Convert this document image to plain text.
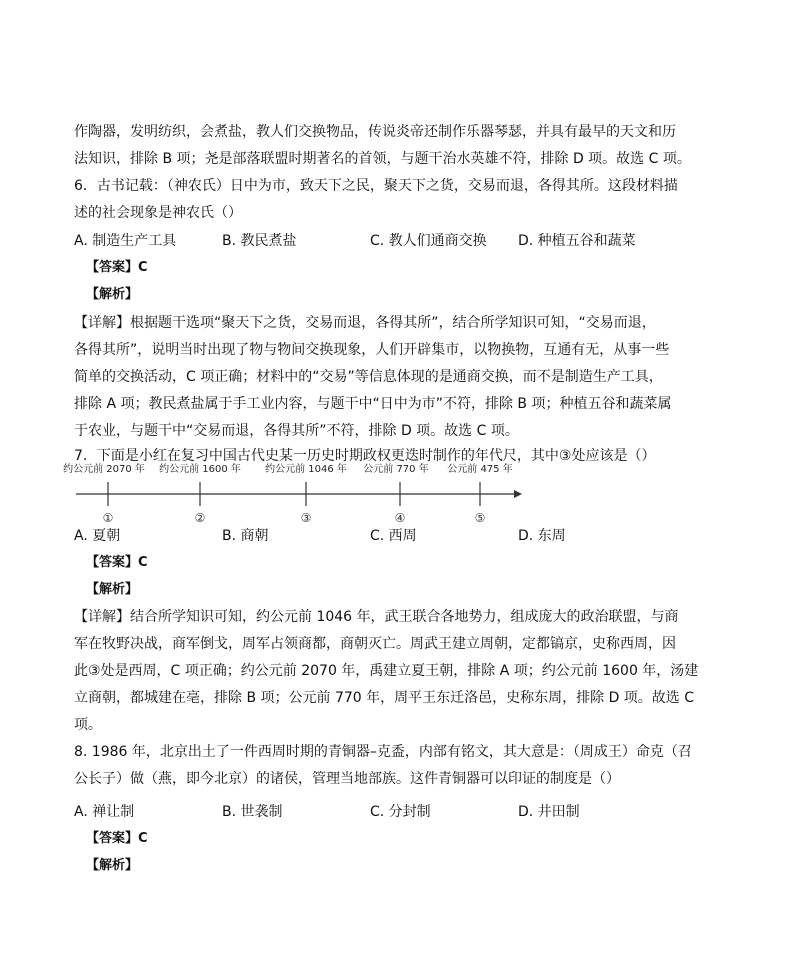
作陶器，发明纺织，会煮盐，教人们交换物品，传说炎帝还制作乐器琴瑟，并具有最早的天文和历
法知识，排除 B 项；尧是部落联盟时期著名的首领，与题干治水英雄不符，排除 D 项。故选 C 项。
6．古书记载：（神农氏）日中为市，致天下之民，聚天下之货，交易而退，各得其所。这段材料描
述的社会现象是神农氏（）
A. 制造生产工具	B. 教民煮盐	C. 教人们通商交换 D. 种植五谷和蔬菜
【答案】C
【解析】
【详解】根据题干选项“聚天下之货，交易而退，各得其所”，结合所学知识可知，“交易而退，
各得其所”，说明当时出现了物与物间交换现象，人们开辟集市，以物换物，互通有无，从事一些
简单的交换活动，C 项正确；材料中的“交易”等信息体现的是通商交换，而不是制造生产工具，
排除 A 项；教民煮盐属于手工业内容，与题干中“日中为市”不符，排除 B 项；种植五谷和蔬菜属
于农业，与题干中“交易而退，各得其所”不符，排除 D 项。故选 C 项。
7．下面是小红在复习中国古代史某一历史时期政权更迭时制作的年代尺，其中③处应该是（）
约公元前 2070 年
①
约公元前 1600 年
②
约公元前 1046 年
③
公元前 770 年
④
公元前 475 年
⑤
A. 夏朝	B. 商朝	C. 西周	D. 东周
【答案】C
【解析】
【详解】结合所学知识可知，约公元前 1046 年，武王联合各地势力，组成庞大的政治联盟，与商
军在牧野决战，商军倒戈，周军占领商都，商朝灭亡。周武王建立周朝，定都镐京，史称西周，因
此③处是西周，C 项正确；约公元前 2070 年，禹建立夏王朝，排除 A 项；约公元前 1600 年，汤建
立商朝，都城建在亳，排除 B 项；公元前 770 年，周平王东迁洛邑，史称东周，排除 D 项。故选 C
项。
8. 1986 年，北京出土了一件西周时期的青铜器–克盉，内部有铭文，其大意是：（周成王）命克（召
公长子）做（燕，即今北京）的诸侯，管理当地部族。这件青铜器可以印证的制度是（）
A. 禅让制	B. 世袭制	C. 分封制	D. 井田制
【答案】C
【解析】
